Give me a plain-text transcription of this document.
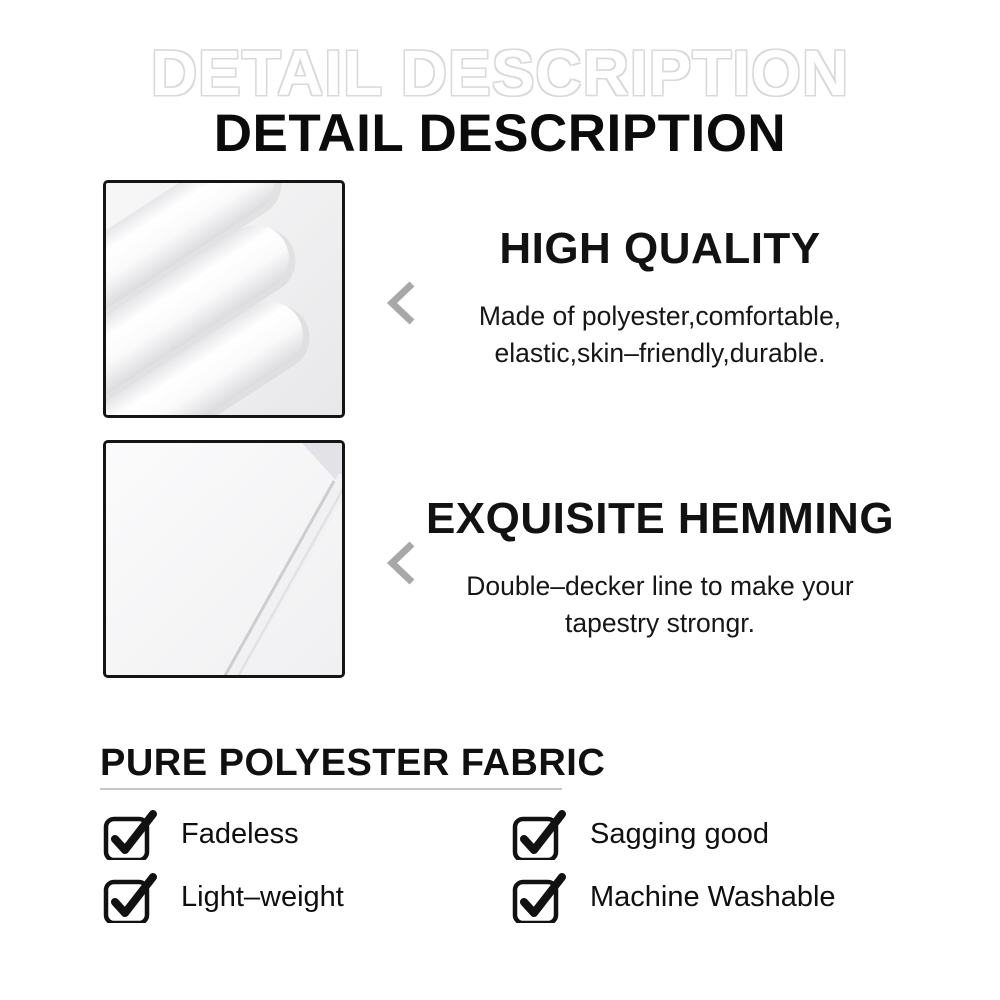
DETAIL DESCRIPTION
DETAIL DESCRIPTION
HIGH QUALITY

Made of polyester,comfortable,
elastic,skin–friendly,durable.

EXQUISITE HEMMING

Double–decker line to make your
tapestry strongr.

PURE POLYESTER FABRIC
Fadeless	Sagging good
Light–weight	Machine Washable
